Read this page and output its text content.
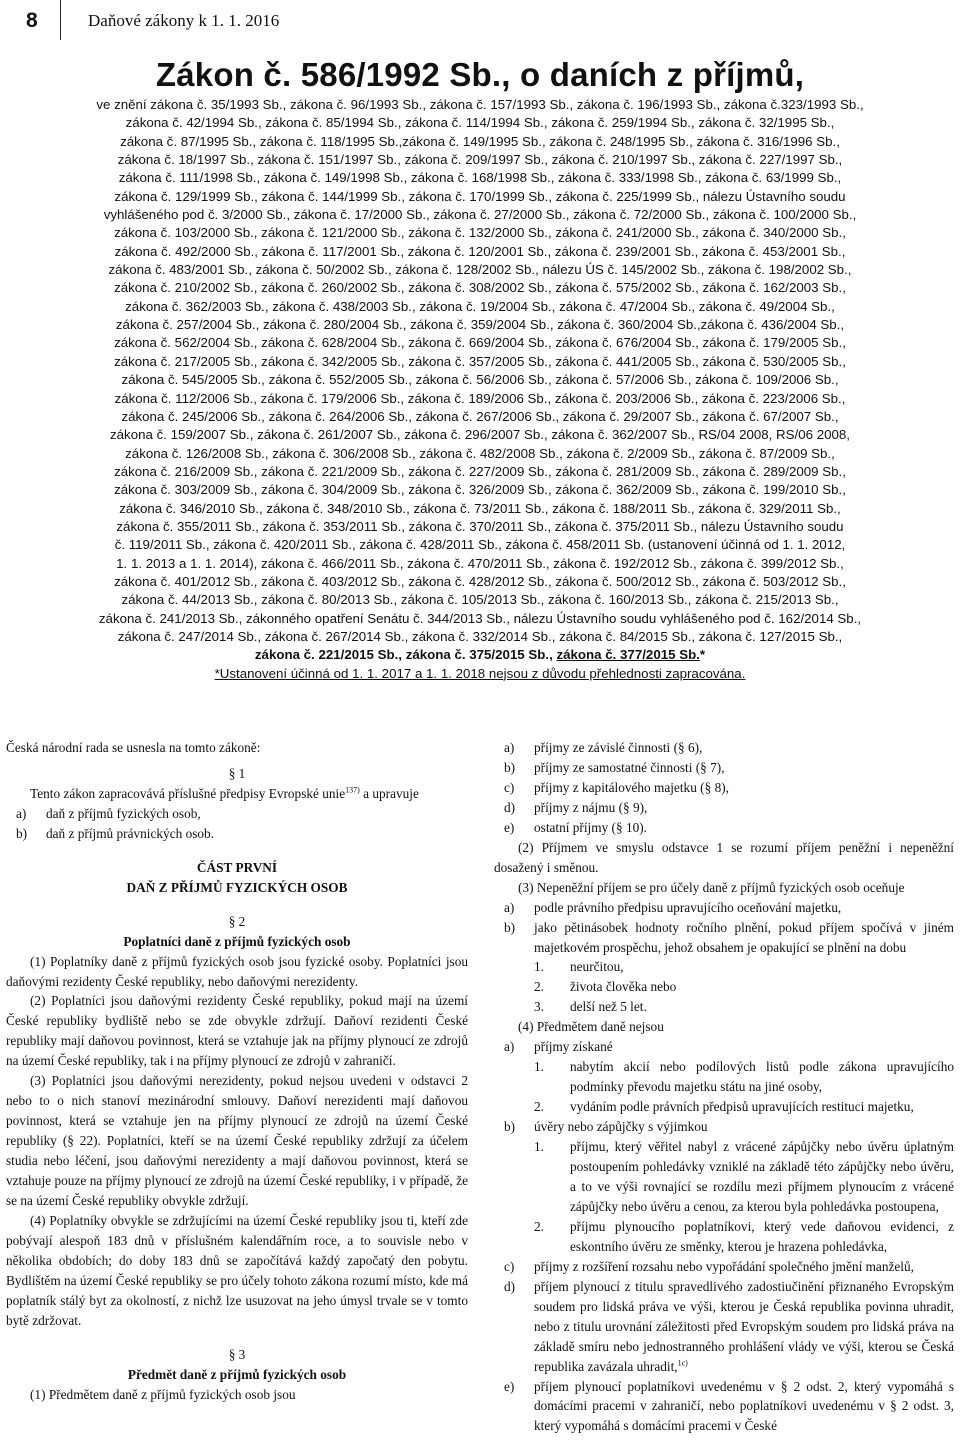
8	Daňové zákony k 1. 1. 2016
Zákon č. 586/1992 Sb., o daních z příjmů,

ve znění zákona č. 35/1993 Sb., zákona č. 96/1993 Sb., zákona č. 157/1993 Sb., zákona č. 196/1993 Sb., zákona č.323/1993 Sb.,

zákona č. 42/1994 Sb., zákona č. 85/1994 Sb., zákona č. 114/1994 Sb., zákona č. 259/1994 Sb., zákona č. 32/1995 Sb.,

zákona č. 87/1995 Sb., zákona č. 118/1995 Sb.,zákona č. 149/1995 Sb., zákona č. 248/1995 Sb., zákona č. 316/1996 Sb.,

zákona č. 18/1997 Sb., zákona č. 151/1997 Sb., zákona č. 209/1997 Sb., zákona č. 210/1997 Sb., zákona č. 227/1997 Sb.,

zákona č. 111/1998 Sb., zákona č. 149/1998 Sb., zákona č. 168/1998 Sb., zákona č. 333/1998 Sb., zákona č. 63/1999 Sb.,

zákona č. 129/1999 Sb., zákona č. 144/1999 Sb., zákona č. 170/1999 Sb., zákona č. 225/1999 Sb., nálezu Ústavního soudu

vyhlášeného pod č. 3/2000 Sb., zákona č. 17/2000 Sb., zákona č. 27/2000 Sb., zákona č. 72/2000 Sb., zákona č. 100/2000 Sb.,

zákona č. 103/2000 Sb., zákona č. 121/2000 Sb., zákona č. 132/2000 Sb., zákona č. 241/2000 Sb., zákona č. 340/2000 Sb.,

zákona č. 492/2000 Sb., zákona č. 117/2001 Sb., zákona č. 120/2001 Sb., zákona č. 239/2001 Sb., zákona č. 453/2001 Sb.,

zákona č. 483/2001 Sb., zákona č. 50/2002 Sb., zákona č. 128/2002 Sb., nálezu ÚS č. 145/2002 Sb., zákona č. 198/2002 Sb.,

zákona č. 210/2002 Sb., zákona č. 260/2002 Sb., zákona č. 308/2002 Sb., zákona č. 575/2002 Sb., zákona č. 162/2003 Sb.,

zákona č. 362/2003 Sb., zákona č. 438/2003 Sb., zákona č. 19/2004 Sb., zákona č. 47/2004 Sb., zákona č. 49/2004 Sb.,

zákona č. 257/2004 Sb., zákona č. 280/2004 Sb., zákona č. 359/2004 Sb., zákona č. 360/2004 Sb.,zákona č. 436/2004 Sb.,

zákona č. 562/2004 Sb., zákona č. 628/2004 Sb., zákona č. 669/2004 Sb., zákona č. 676/2004 Sb., zákona č. 179/2005 Sb.,

zákona č. 217/2005 Sb., zákona č. 342/2005 Sb., zákona č. 357/2005 Sb., zákona č. 441/2005 Sb., zákona č. 530/2005 Sb.,

zákona č. 545/2005 Sb., zákona č. 552/2005 Sb., zákona č. 56/2006 Sb., zákona č. 57/2006 Sb., zákona č. 109/2006 Sb.,

zákona č. 112/2006 Sb., zákona č. 179/2006 Sb., zákona č. 189/2006 Sb., zákona č. 203/2006 Sb., zákona č. 223/2006 Sb.,

zákona č. 245/2006 Sb., zákona č. 264/2006 Sb., zákona č. 267/2006 Sb., zákona č. 29/2007 Sb., zákona č. 67/2007 Sb.,

zákona č. 159/2007 Sb., zákona č. 261/2007 Sb., zákona č. 296/2007 Sb., zákona č. 362/2007 Sb., RS/04 2008, RS/06 2008,

zákona č. 126/2008 Sb., zákona č. 306/2008 Sb., zákona č. 482/2008 Sb., zákona č. 2/2009 Sb., zákona č. 87/2009 Sb.,

zákona č. 216/2009 Sb., zákona č. 221/2009 Sb., zákona č. 227/2009 Sb., zákona č. 281/2009 Sb., zákona č. 289/2009 Sb.,

zákona č. 303/2009 Sb., zákona č. 304/2009 Sb., zákona č. 326/2009 Sb., zákona č. 362/2009 Sb., zákona č. 199/2010 Sb.,

zákona č. 346/2010 Sb., zákona č. 348/2010 Sb., zákona č. 73/2011 Sb., zákona č. 188/2011 Sb., zákona č. 329/2011 Sb.,

zákona č. 355/2011 Sb., zákona č. 353/2011 Sb., zákona č. 370/2011 Sb., zákona č. 375/2011 Sb., nálezu Ústavního soudu

č. 119/2011 Sb., zákona č. 420/2011 Sb., zákona č. 428/2011 Sb., zákona č. 458/2011 Sb. (ustanovení účinná od 1. 1. 2012,

1. 1. 2013 a 1. 1. 2014), zákona č. 466/2011 Sb., zákona č. 470/2011 Sb., zákona č. 192/2012 Sb., zákona č. 399/2012 Sb.,

zákona č. 401/2012 Sb., zákona č. 403/2012 Sb., zákona č. 428/2012 Sb., zákona č. 500/2012 Sb., zákona č. 503/2012 Sb.,

zákona č. 44/2013 Sb., zákona č. 80/2013 Sb., zákona č. 105/2013 Sb., zákona č. 160/2013 Sb., zákona č. 215/2013 Sb.,

zákona č. 241/2013 Sb., zákonného opatření Senátu č. 344/2013 Sb., nálezu Ústavního soudu vyhlášeného pod č. 162/2014 Sb.,

zákona č. 247/2014 Sb., zákona č. 267/2014 Sb., zákona č. 332/2014 Sb., zákona č. 84/2015 Sb., zákona č. 127/2015 Sb.,

zákona č. 221/2015 Sb., zákona č. 375/2015 Sb., zákona č. 377/2015 Sb.*

*Ustanovení účinná od 1. 1. 2017 a 1. 1. 2018 nejsou z důvodu přehlednosti zapracována.

Česká národní rada se usnesla na tomto zákoně:

§ 1

Tento zákon zapracovává příslušné předpisy Evropské unie$^{137)}$ a upravuje

a) daň z příjmů fyzických osob,

b) daň z příjmů právnických osob.

ČÁST PRVNÍ

DAŇ Z PŘÍJMŮ FYZICKÝCH OSOB

§ 2

Poplatníci daně z příjmů fyzických osob

(1) Poplatníky daně z příjmů fyzických osob jsou fyzické osoby. Poplatníci jsou daňovými rezidenty České republiky, nebo daňovými nerezidenty.

(2) Poplatníci jsou daňovými rezidenty České republiky, pokud mají na území České republiky bydliště nebo se zde obvykle zdržují. Daňoví rezidenti České republiky mají daňovou povinnost, která se vztahuje jak na příjmy plynoucí ze zdrojů na území České republiky, tak i na příjmy plynoucí ze zdrojů v zahraničí.

(3) Poplatníci jsou daňovými nerezidenty, pokud nejsou uvedeni v odstavci 2 nebo to o nich stanoví mezinárodní smlouvy. Daňoví nerezidenti mají daňovou povinnost, která se vztahuje jen na příjmy plynoucí ze zdrojů na území České republiky (§ 22). Poplatníci, kteří se na území České republiky zdržují za účelem studia nebo léčení, jsou daňovými nerezidenty a mají daňovou povinnost, která se vztahuje pouze na příjmy plynoucí ze zdrojů na území České republiky, i v případě, že se na území České republiky obvykle zdržují.

(4) Poplatníky obvykle se zdržujícími na území České republiky jsou ti, kteří zde pobývají alespoň 183 dnů v příslušném kalendářním roce, a to souvisle nebo v několika obdobích; do doby 183 dnů se započítává každý započatý den pobytu. Bydlištěm na území České republiky se pro účely tohoto zákona rozumí místo, kde má poplatník stálý byt za okolností, z nichž lze usuzovat na jeho úmysl trvale se v tomto bytě zdržovat.

§ 3

Předmět daně z příjmů fyzických osob

(1) Předmětem daně z příjmů fyzických osob jsou

a) příjmy ze závislé činnosti (§ 6),

b) příjmy ze samostatné činnosti (§ 7),

c) příjmy z kapitálového majetku (§ 8),

d) příjmy z nájmu (§ 9),

e) ostatní příjmy (§ 10).

(2) Příjmem ve smyslu odstavce 1 se rozumí příjem peněžní i nepeněžní dosažený i směnou.

(3) Nepeněžní příjem se pro účely daně z příjmů fyzických osob oceňuje

a) podle právního předpisu upravujícího oceňování majetku,

b) jako pětinásobek hodnoty ročního plnění, pokud příjem spočívá v jiném majetkovém prospěchu, jehož obsahem je opakující se plnění na dobu

1. neurčitou,

2. života člověka nebo

3. delší než 5 let.

(4) Předmětem daně nejsou

a) příjmy získané

1. nabytím akcií nebo podílových listů podle zákona upravujícího podmínky převodu majetku státu na jiné osoby,

2. vydáním podle právních předpisů upravujících restituci majetku,

b) úvěry nebo zápůjčky s výjimkou

1. příjmu, který věřitel nabyl z vrácené zápůjčky nebo úvěru úplatným postoupením pohledávky vzniklé na základě této zápůjčky nebo úvěru, a to ve výši rovnající se rozdílu mezi příjmem plynoucím z vrácené zápůjčky nebo úvěru a cenou, za kterou byla pohledávka postoupena,

2. příjmu plynoucího poplatníkovi, který vede daňovou evidenci, z eskontního úvěru ze směnky, kterou je hrazena pohledávka,

c) příjmy z rozšíření rozsahu nebo vypořádání společného jmění manželů,

d) příjem plynoucí z titulu spravedlivého zadostiučinění přiznaného Evropským soudem pro lidská práva ve výši, kterou je Česká republika povinna uhradit, nebo z titulu urovnání záležitosti před Evropským soudem pro lidská práva na základě smíru nebo jednostranného prohlášení vlády ve výši, kterou se Česká republika zavázala uhradit,$^{1c)}$

e) příjem plynoucí poplatníkovi uvedenému v § 2 odst. 2, který vypomáhá s domácími pracemi v zahraničí, nebo poplatníkovi uvedenému v § 2 odst. 3, který vypomáhá s domácími pracemi v České
